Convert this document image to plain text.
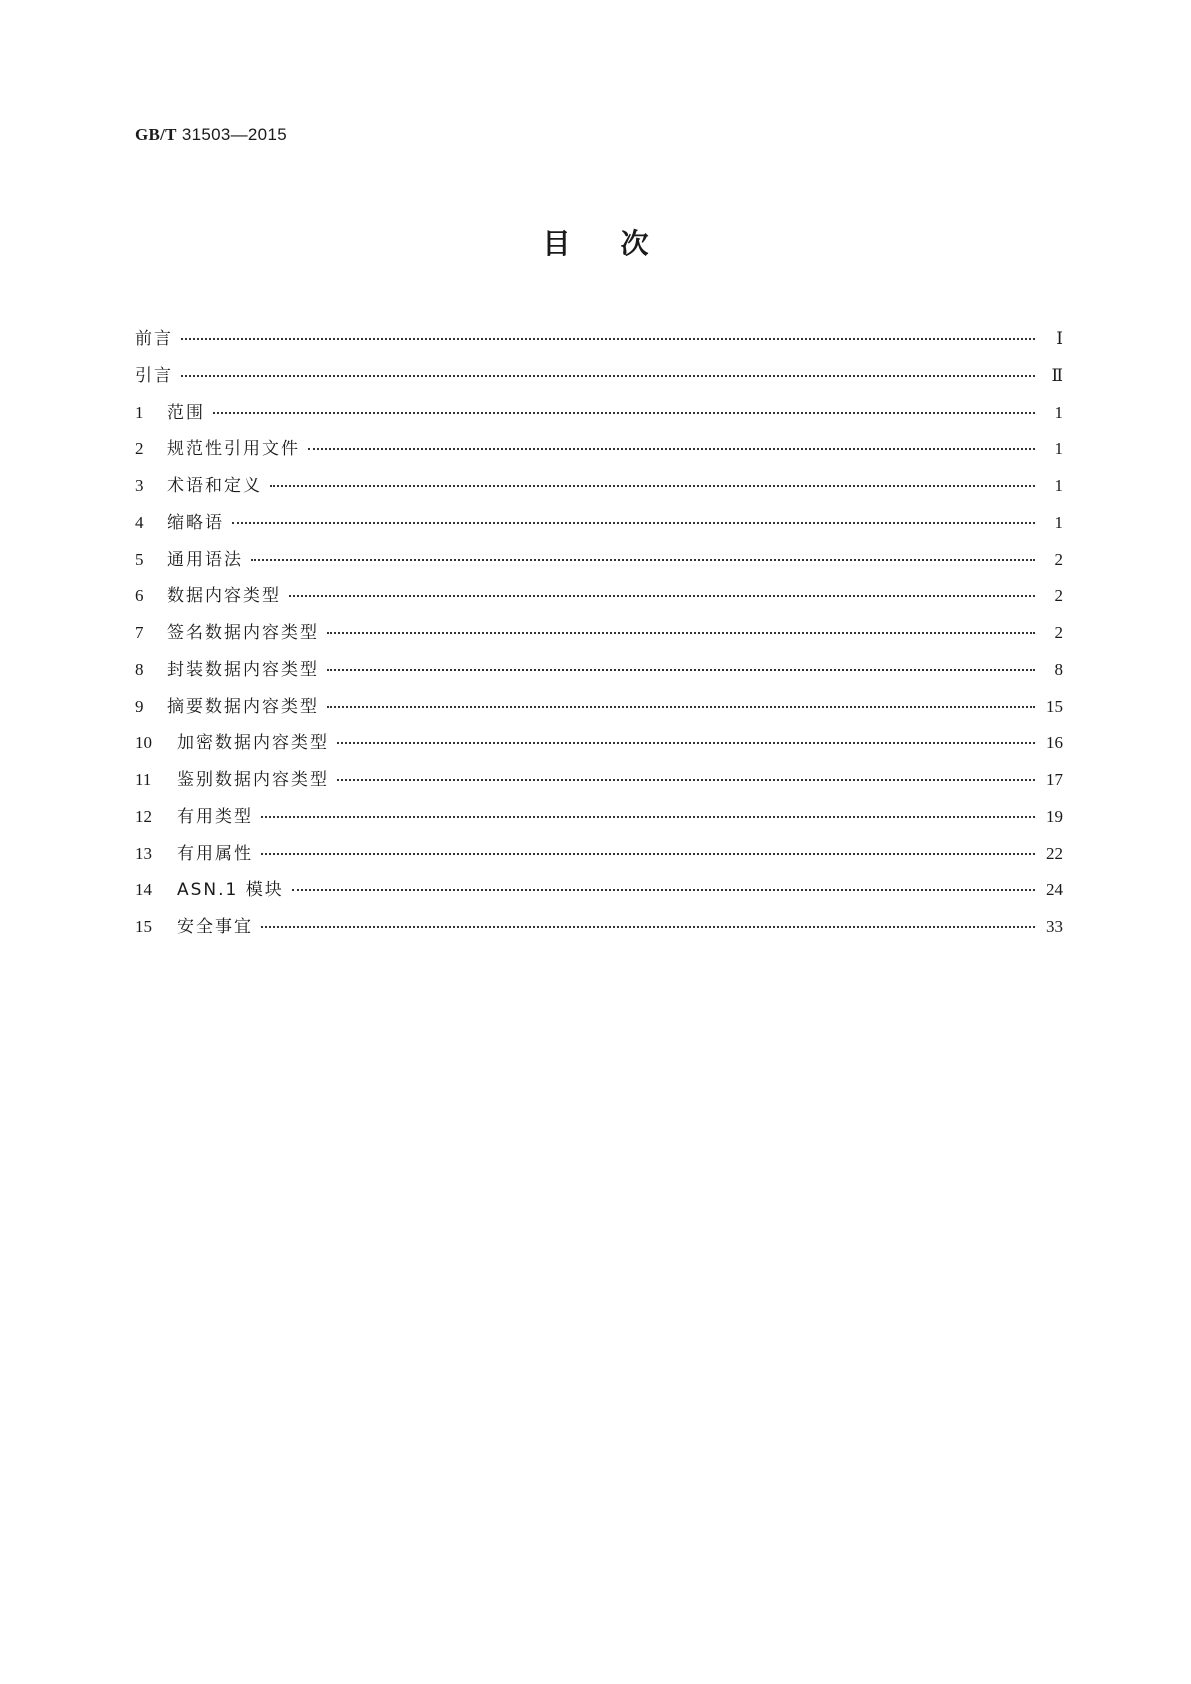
GB/T 31503—2015
目次
前言	Ⅰ
引言	Ⅱ
1	范围	1
2	规范性引用文件	1
3	术语和定义	1
4	缩略语	1
5	通用语法	2
6	数据内容类型	2
7	签名数据内容类型	2
8	封装数据内容类型	8
9	摘要数据内容类型	15
10	加密数据内容类型	16
11	鉴别数据内容类型	17
12	有用类型	19
13	有用属性	22
14	ASN.1 模块	24
15	安全事宜	33
